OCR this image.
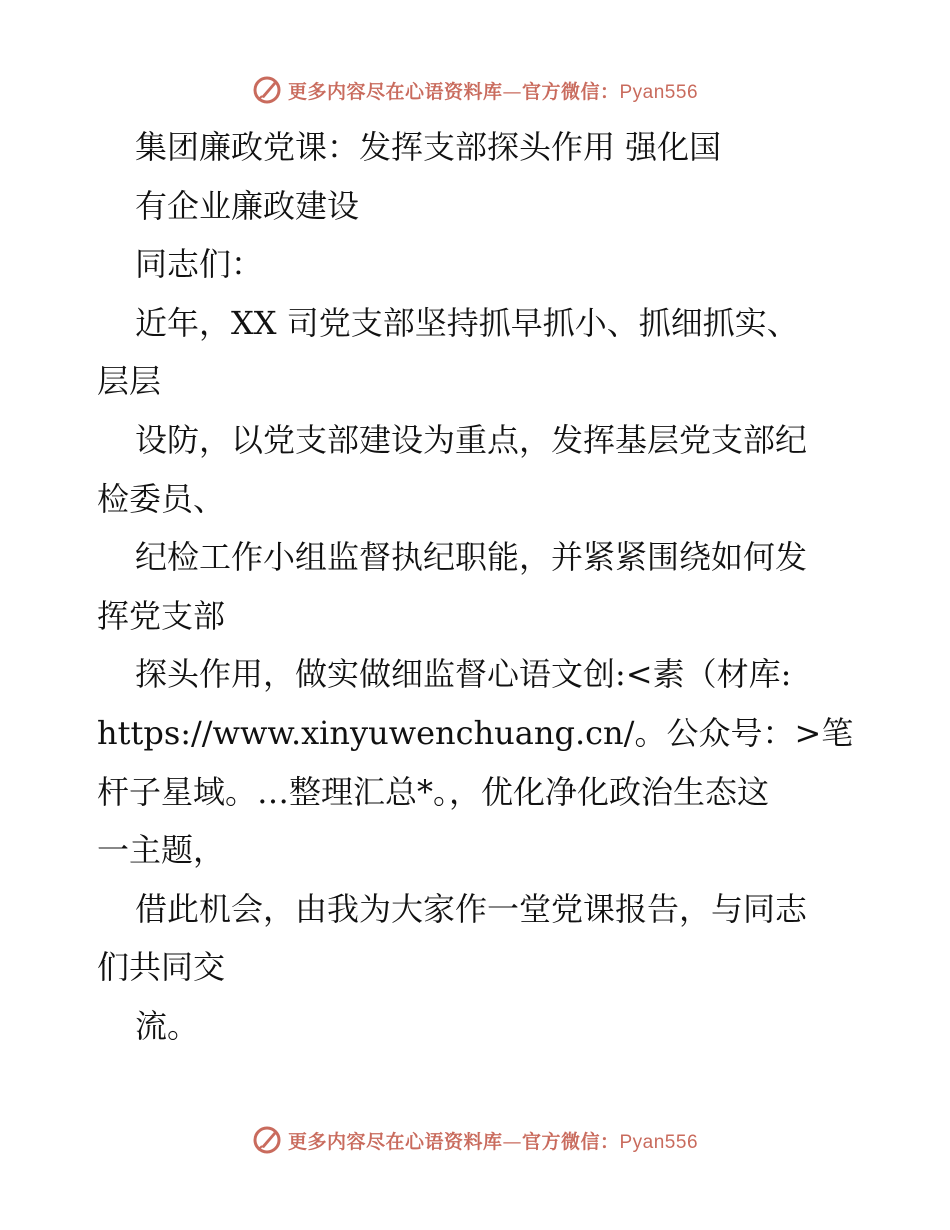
更多内容尽在心语资料库—官方微信：Pyan556
集团廉政党课：发挥支部探头作用 强化国
有企业廉政建设
同志们：
近年，XX 司党支部坚持抓早抓小、抓细抓实、
层层
设防，以党支部建设为重点，发挥基层党支部纪
检委员、
纪检工作小组监督执纪职能，并紧紧围绕如何发
挥党支部
探头作用，做实做细监督心语文创:<素（材库:
https://www.xinyuwenchuang.cn/。公众号：>笔
杆子星域。…整理汇总*。，优化净化政治生态这
一主题，
借此机会，由我为大家作一堂党课报告，与同志
们共同交
流。
更多内容尽在心语资料库—官方微信：Pyan556
